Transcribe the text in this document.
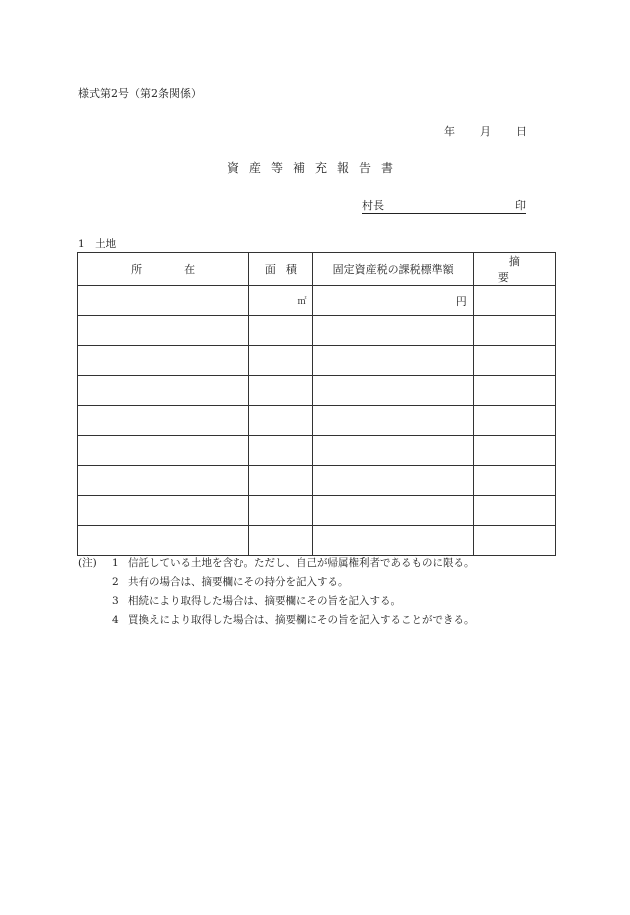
様式第2号（第2条関係）
年 月 日
資産等補充報告書
村長	印
1　土地
所在	面積	固定資産税の課税標準額	摘要
	㎡	円	

(注) 1 信託している土地を含む。ただし、自己が帰属権利者であるものに限る。
2 共有の場合は、摘要欄にその持分を記入する。
3 相続により取得した場合は、摘要欄にその旨を記入する。
4 買換えにより取得した場合は、摘要欄にその旨を記入することができる。
